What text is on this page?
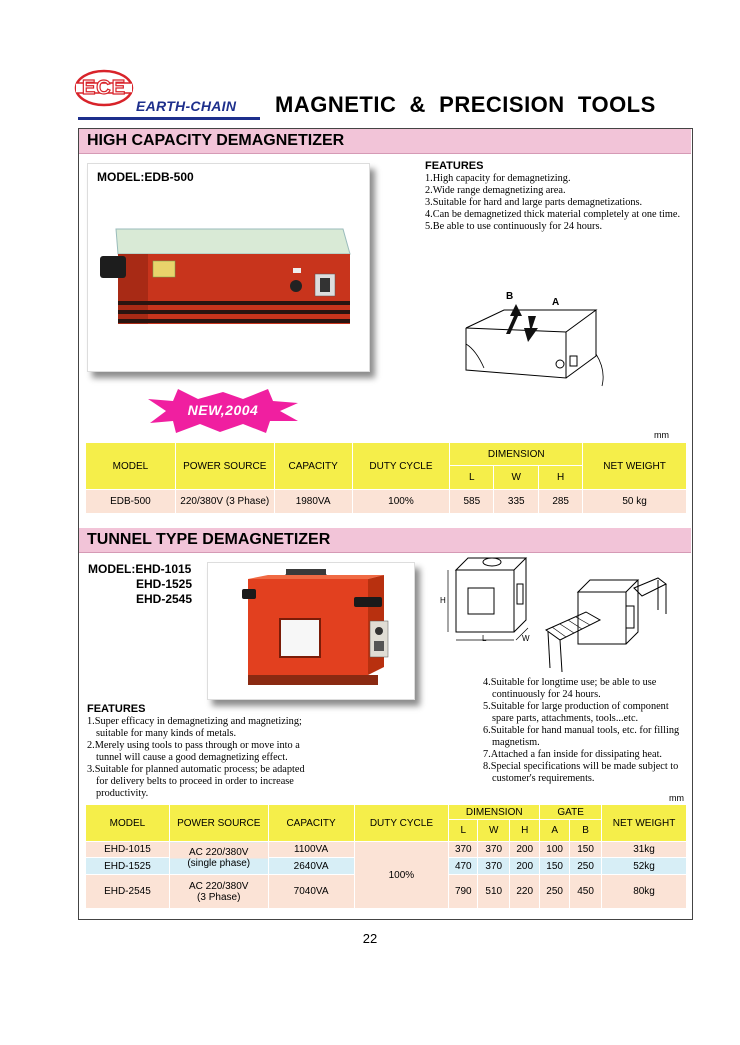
ECE
EARTH-CHAIN MAGNETIC  &  PRECISION  TOOLS
HIGH CAPACITY DEMAGNETIZER
MODEL:EDB-500
FEATURES
1.High capacity for demagnetizing.
2.Wide range demagnetizing area.
3.Suitable for hard and large parts demagnetizations.
4.Can be demagnetized thick material completely at one time.
5.Be able to use continuously for 24 hours.
B
A
NEW,2004
mm
MODEL	POWER SOURCE	CAPACITY	DUTY CYCLE	DIMENSION			NET WEIGHT
				L	W	H	
EDB-500	220/380V (3 Phase)	1980VA	100%	585	335	285	50 kg
TUNNEL TYPE DEMAGNETIZER
MODEL:EHD-1015
EHD-1525
EHD-2545
L	W
H
FEATURES
1.Super efficacy in demagnetizing and magnetizing;
suitable for many kinds of metals.
2.Merely using tools to pass through or move into a
tunnel will cause a good demagnetizing effect.
3.Suitable for planned automatic process; be adapted
for delivery belts to proceed in order to increase
productivity.
4.Suitable for longtime use; be able to use
continuously for 24 hours.
5.Suitable for large production of component
spare parts, attachments, tools...etc.
6.Suitable for hand manual tools, etc. for filling
magnetism.
7.Attached a fan inside for dissipating heat.
8.Special specifications will be made subject to
customer's requirements.
mm
MODEL	POWER SOURCE	CAPACITY	DUTY CYCLE	DIMENSION			GATE		NET WEIGHT
				L	W	H	A	B	
EHD-1015	AC 220/380V
(single phase)	1100VA	100%	370	370	200	100	150	31kg
EHD-1525		2640VA		470	370	200	150	250	52kg
EHD-2545	AC 220/380V
(3 Phase)	7040VA		790	510	220	250	450	80kg
22
